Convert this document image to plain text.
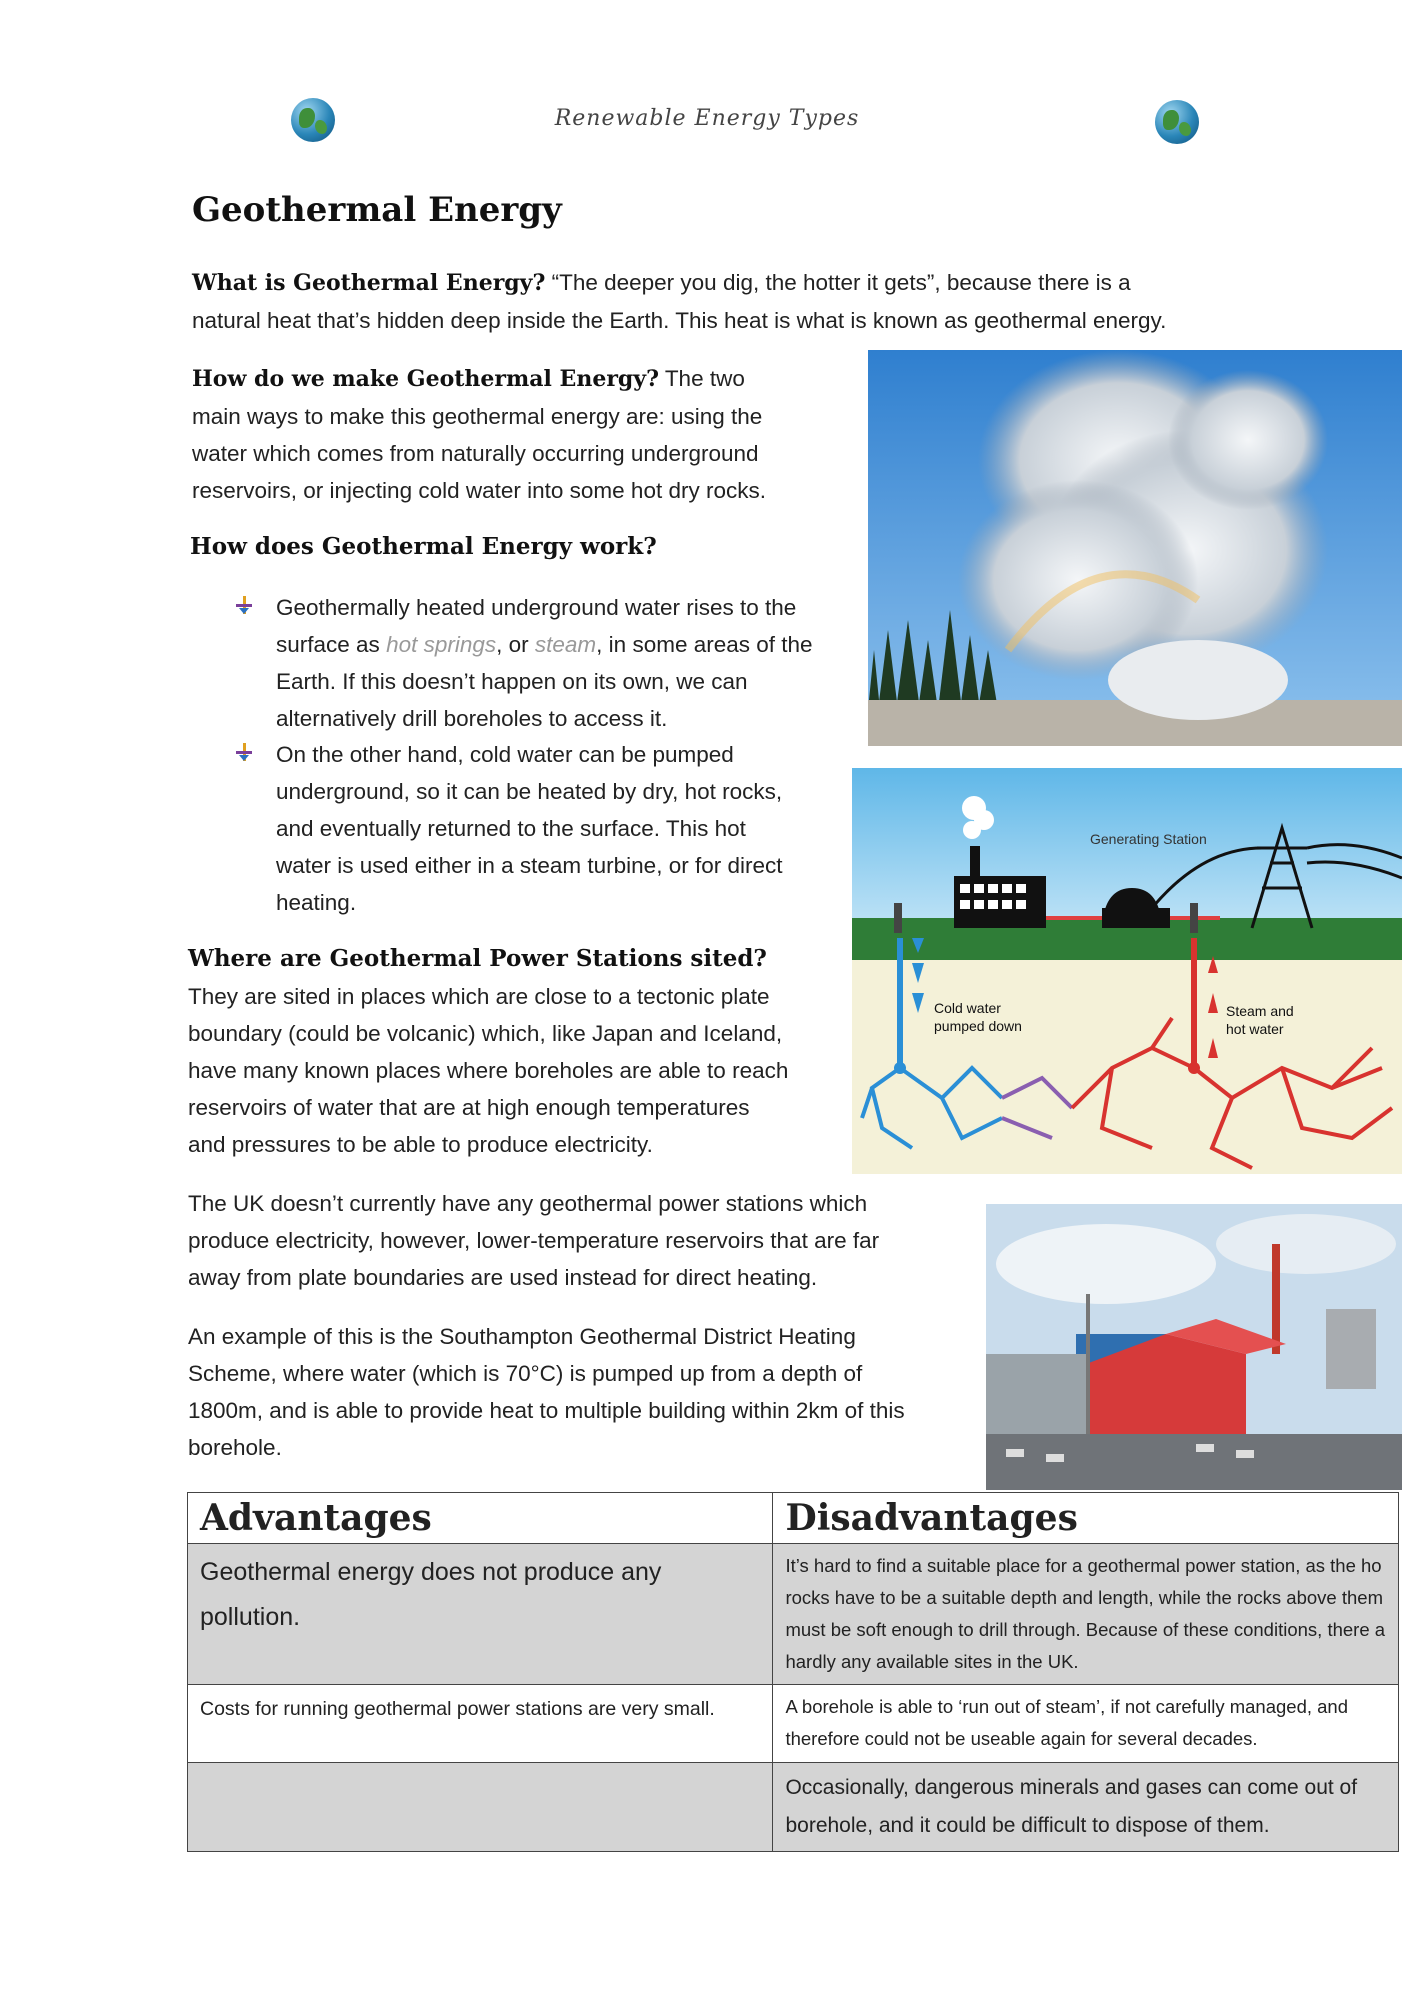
Renewable Energy Types
Geothermal Energy
What is Geothermal Energy? “The deeper you dig, the hotter it gets”, because there is a
natural heat that’s hidden deep inside the Earth. This heat is what is known as geothermal energy.
How do we make Geothermal Energy? The two
main ways to make this geothermal energy are: using the
water which comes from naturally occurring underground
reservoirs, or injecting cold water into some hot dry rocks.
How does Geothermal Energy work?
Geothermally heated underground water rises to the
surface as hot springs, or steam, in some areas of the
Earth. If this doesn’t happen on its own, we can
alternatively drill boreholes to access it.
On the other hand, cold water can be pumped
underground, so it can be heated by dry, hot rocks,
and eventually returned to the surface. This hot
water is used either in a steam turbine, or for direct
heating.
Where are Geothermal Power Stations sited?
They are sited in places which are close to a tectonic plate
boundary (could be volcanic) which, like Japan and Iceland,
have many known places where boreholes are able to reach
reservoirs of water that are at high enough temperatures
and pressures to be able to produce electricity.
The UK doesn’t currently have any geothermal power stations which
produce electricity, however, lower-temperature reservoirs that are far
away from plate boundaries are used instead for direct heating.
An example of this is the Southampton Geothermal District Heating
Scheme, where water (which is 70°C) is pumped up from a depth of
1800m, and is able to provide heat to multiple building within 2km of this
borehole.
Generating Station
Cold water
pumped down
Steam and
hot water
Advantages	Disadvantages
Geothermal energy does not produce any pollution.	It’s hard to find a suitable place for a geothermal power station, as the ho rocks have to be a suitable depth and length, while the rocks above them must be soft enough to drill through. Because of these conditions, there a hardly any available sites in the UK.
Costs for running geothermal power stations are very small.	A borehole is able to ‘run out of steam’, if not carefully managed, and therefore could not be useable again for several decades.
	Occasionally, dangerous minerals and gases can come out of borehole, and it could be difficult to dispose of them.
